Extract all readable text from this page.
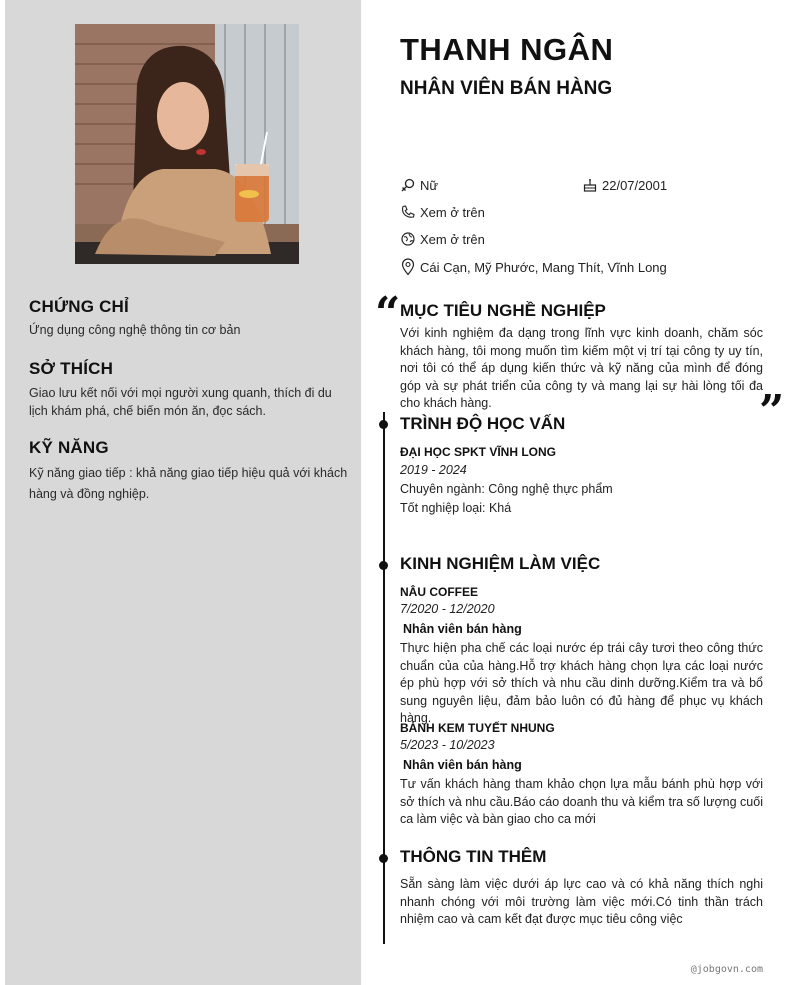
CHỨNG CHỈ

Ứng dụng công nghệ thông tin cơ bản

SỞ THÍCH

Giao lưu kết nối với mọi người xung quanh, thích đi du lịch khám phá, chế biến món ăn, đọc sách.

KỸ NĂNG

Kỹ năng giao tiếp : khả năng giao tiếp hiệu quả với khách hàng và đồng nghiệp.

THANH NGÂN
NHÂN VIÊN BÁN HÀNG
Nữ	22/07/2001
Xem ở trên
Xem ở trên
Cái Cạn, Mỹ Phước, Mang Thít, Vĩnh Long
“
”
MỤC TIÊU NGHỀ NGHIỆP

Với kinh nghiệm đa dạng trong lĩnh vực kinh doanh, chăm sóc khách hàng, tôi mong muốn tìm kiếm một vị trí tại công ty uy tín, nơi tôi có thể áp dụng kiến thức và kỹ năng của mình để đóng góp và sự phát triển của công ty và mang lại sự hài lòng tối đa cho khách hàng.

TRÌNH ĐỘ HỌC VẤN
ĐẠI HỌC SPKT VĨNH LONG
2019 - 2024
Chuyên ngành: Công nghệ thực phẩm
Tốt nghiệp loại: Khá
KINH NGHIỆM LÀM VIỆC
NÂU COFFEE
7/2020 - 12/2020
Nhân viên bán hàng

Thực hiện pha chế các loại nước ép trái cây tươi theo công thức chuẩn của của hàng.Hỗ trợ khách hàng chọn lựa các loại nước ép phù hợp với sở thích và nhu cầu dinh dưỡng.Kiểm tra và bổ sung nguyên liệu, đảm bảo luôn có đủ hàng để phục vụ khách hàng.

BÁNH KEM TUYẾT NHUNG
5/2023 - 10/2023
Nhân viên bán hàng

Tư vấn khách hàng tham khảo chọn lựa mẫu bánh phù hợp với sở thích và nhu cầu.Báo cáo doanh thu và kiểm tra số lượng cuối ca làm việc và bàn giao cho ca mới

THÔNG TIN THÊM

Sẵn sàng làm việc dưới áp lực cao và có khả năng thích nghi nhanh chóng với môi trường làm việc mới.Có tinh thần trách nhiệm cao và cam kết đạt được mục tiêu công việc

@jobgovn.com
